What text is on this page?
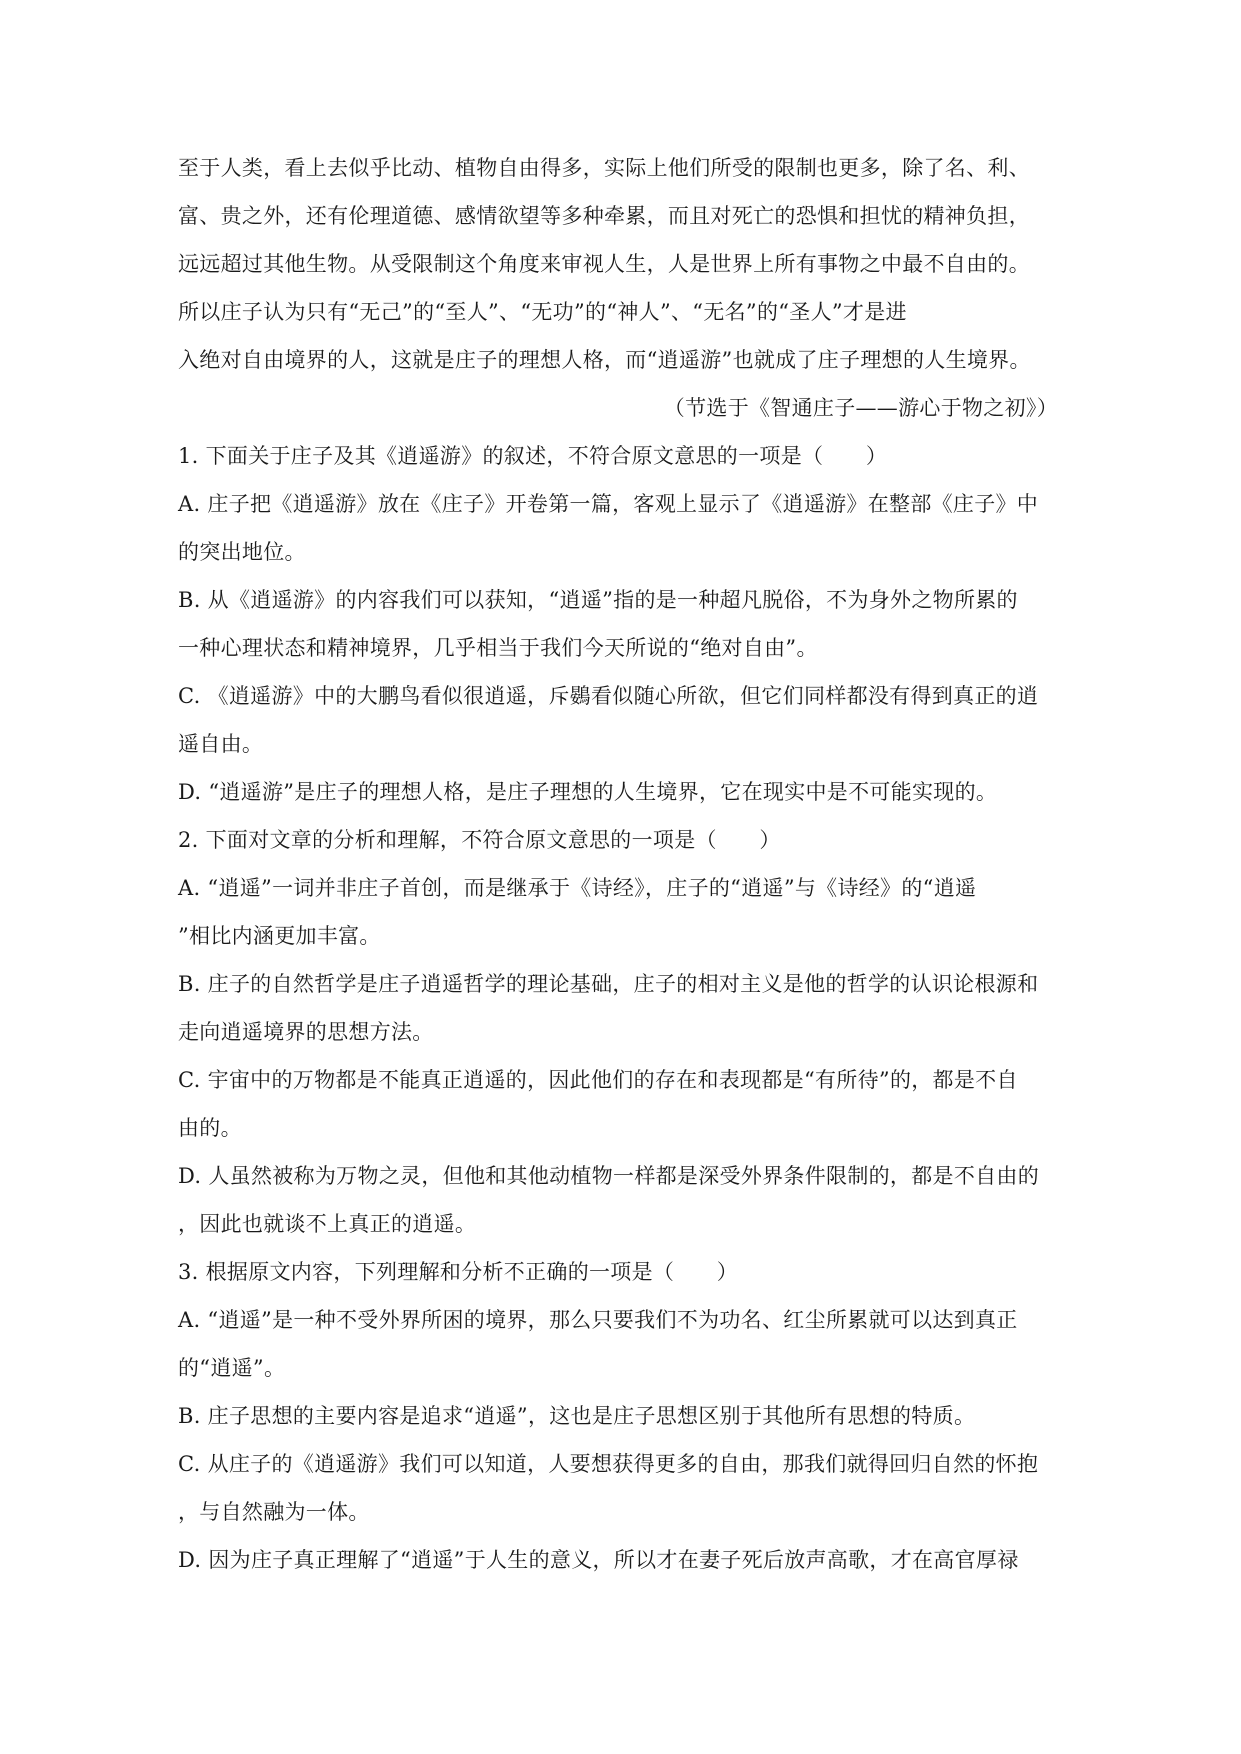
至于人类，看上去似乎比动、植物自由得多，实际上他们所受的限制也更多，除了名、利、
富、贵之外，还有伦理道德、感情欲望等多种牵累，而且对死亡的恐惧和担忧的精神负担，
远远超过其他生物。从受限制这个角度来审视人生，人是世界上所有事物之中最不自由的。
所以庄子认为只有“无己”的“至人”、“无功”的“神人”、“无名”的“圣人”才是进
入绝对自由境界的人，这就是庄子的理想人格，而“逍遥游”也就成了庄子理想的人生境界。
（节选于《智通庄子——游心于物之初》）
1. 下面关于庄子及其《逍遥游》的叙述，不符合原文意思的一项是（　　）
A. 庄子把《逍遥游》放在《庄子》开卷第一篇，客观上显示了《逍遥游》在整部《庄子》中
的突出地位。
B. 从《逍遥游》的内容我们可以获知，“逍遥”指的是一种超凡脱俗，不为身外之物所累的
一种心理状态和精神境界，几乎相当于我们今天所说的“绝对自由”。
C. 《逍遥游》中的大鹏鸟看似很逍遥，斥鷃看似随心所欲，但它们同样都没有得到真正的逍
遥自由。
D. “逍遥游”是庄子的理想人格，是庄子理想的人生境界，它在现实中是不可能实现的。
2. 下面对文章的分析和理解，不符合原文意思的一项是（　　）
A. “逍遥”一词并非庄子首创，而是继承于《诗经》，庄子的“逍遥”与《诗经》的“逍遥
”相比内涵更加丰富。
B. 庄子的自然哲学是庄子逍遥哲学的理论基础，庄子的相对主义是他的哲学的认识论根源和
走向逍遥境界的思想方法。
C. 宇宙中的万物都是不能真正逍遥的，因此他们的存在和表现都是“有所待”的，都是不自
由的。
D. 人虽然被称为万物之灵，但他和其他动植物一样都是深受外界条件限制的，都是不自由的
，因此也就谈不上真正的逍遥。
3. 根据原文内容，下列理解和分析不正确的一项是（　　）
A. “逍遥”是一种不受外界所困的境界，那么只要我们不为功名、红尘所累就可以达到真正
的“逍遥”。
B. 庄子思想的主要内容是追求“逍遥”，这也是庄子思想区别于其他所有思想的特质。
C. 从庄子的《逍遥游》我们可以知道，人要想获得更多的自由，那我们就得回归自然的怀抱
，与自然融为一体。
D. 因为庄子真正理解了“逍遥”于人生的意义，所以才在妻子死后放声高歌，才在高官厚禄
